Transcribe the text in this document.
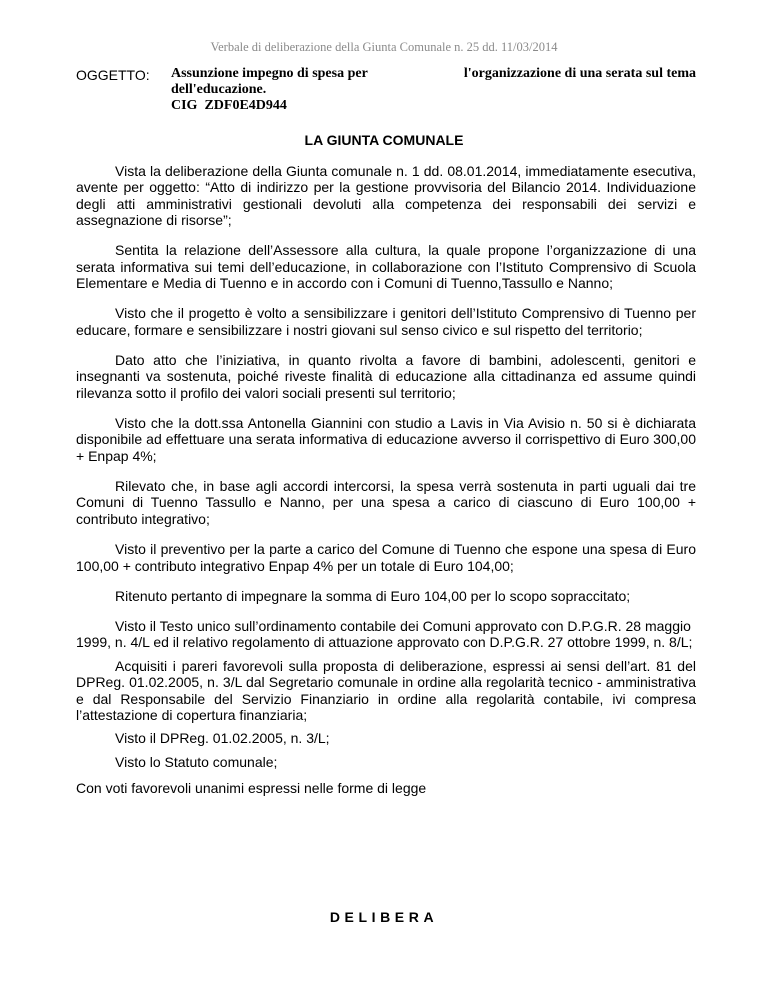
Verbale di deliberazione della Giunta Comunale n. 25 dd. 11/03/2014
OGGETTO: Assunzione impegno di spesa per	l'organizzazione di una serata sul tema
dell'educazione.
CIG  ZDF0E4D944
LA GIUNTA COMUNALE

Vista la deliberazione della Giunta comunale n. 1 dd. 08.01.2014, immediatamente esecutiva, avente per oggetto: “Atto di indirizzo per la gestione provvisoria del Bilancio 2014. Individuazione degli atti amministrativi gestionali devoluti alla competenza dei responsabili dei servizi e assegnazione di risorse”;

Sentita la relazione dell’Assessore alla cultura, la quale propone l’organizzazione di una serata informativa sui temi dell’educazione, in collaborazione con l’Istituto Comprensivo di Scuola Elementare e Media di Tuenno e in accordo con i Comuni di Tuenno,Tassullo e Nanno;

Visto che il progetto è volto a sensibilizzare i genitori dell’Istituto Comprensivo di Tuenno per educare, formare e sensibilizzare i nostri giovani sul senso civico e sul rispetto del territorio;

Dato atto che l’iniziativa, in quanto rivolta a favore di bambini, adolescenti, genitori e insegnanti va sostenuta, poiché riveste finalità di educazione alla cittadinanza ed assume quindi rilevanza sotto il profilo dei valori sociali presenti sul territorio;

Visto che la dott.ssa Antonella Giannini con studio a Lavis in Via Avisio n. 50 si è dichiarata disponibile ad effettuare una serata informativa di educazione avverso il corrispettivo di Euro 300,00 + Enpap 4%;

Rilevato che, in base agli accordi intercorsi, la spesa verrà sostenuta in parti uguali dai tre Comuni di Tuenno Tassullo e Nanno, per una spesa a carico di ciascuno di Euro 100,00 + contributo integrativo;

Visto il preventivo per la parte a carico del Comune di Tuenno che espone una spesa di Euro 100,00 + contributo integrativo Enpap 4% per un totale di Euro 104,00;

Ritenuto pertanto di impegnare la somma di Euro 104,00 per lo scopo sopraccitato;

Visto il Testo unico sull’ordinamento contabile dei Comuni approvato con D.P.G.R. 28 maggio 1999, n. 4/L ed il relativo regolamento di attuazione approvato con D.P.G.R. 27 ottobre 1999, n. 8/L;

Acquisiti i pareri favorevoli sulla proposta di deliberazione, espressi ai sensi dell’art. 81 del DPReg. 01.02.2005, n. 3/L dal Segretario comunale in ordine alla regolarità tecnico - amministrativa e dal Responsabile del Servizio Finanziario in ordine alla regolarità contabile, ivi compresa l’attestazione di copertura finanziaria;

Visto il DPReg. 01.02.2005, n. 3/L;

Visto lo Statuto comunale;

Con voti favorevoli unanimi espressi nelle forme di legge

DELIBERA
